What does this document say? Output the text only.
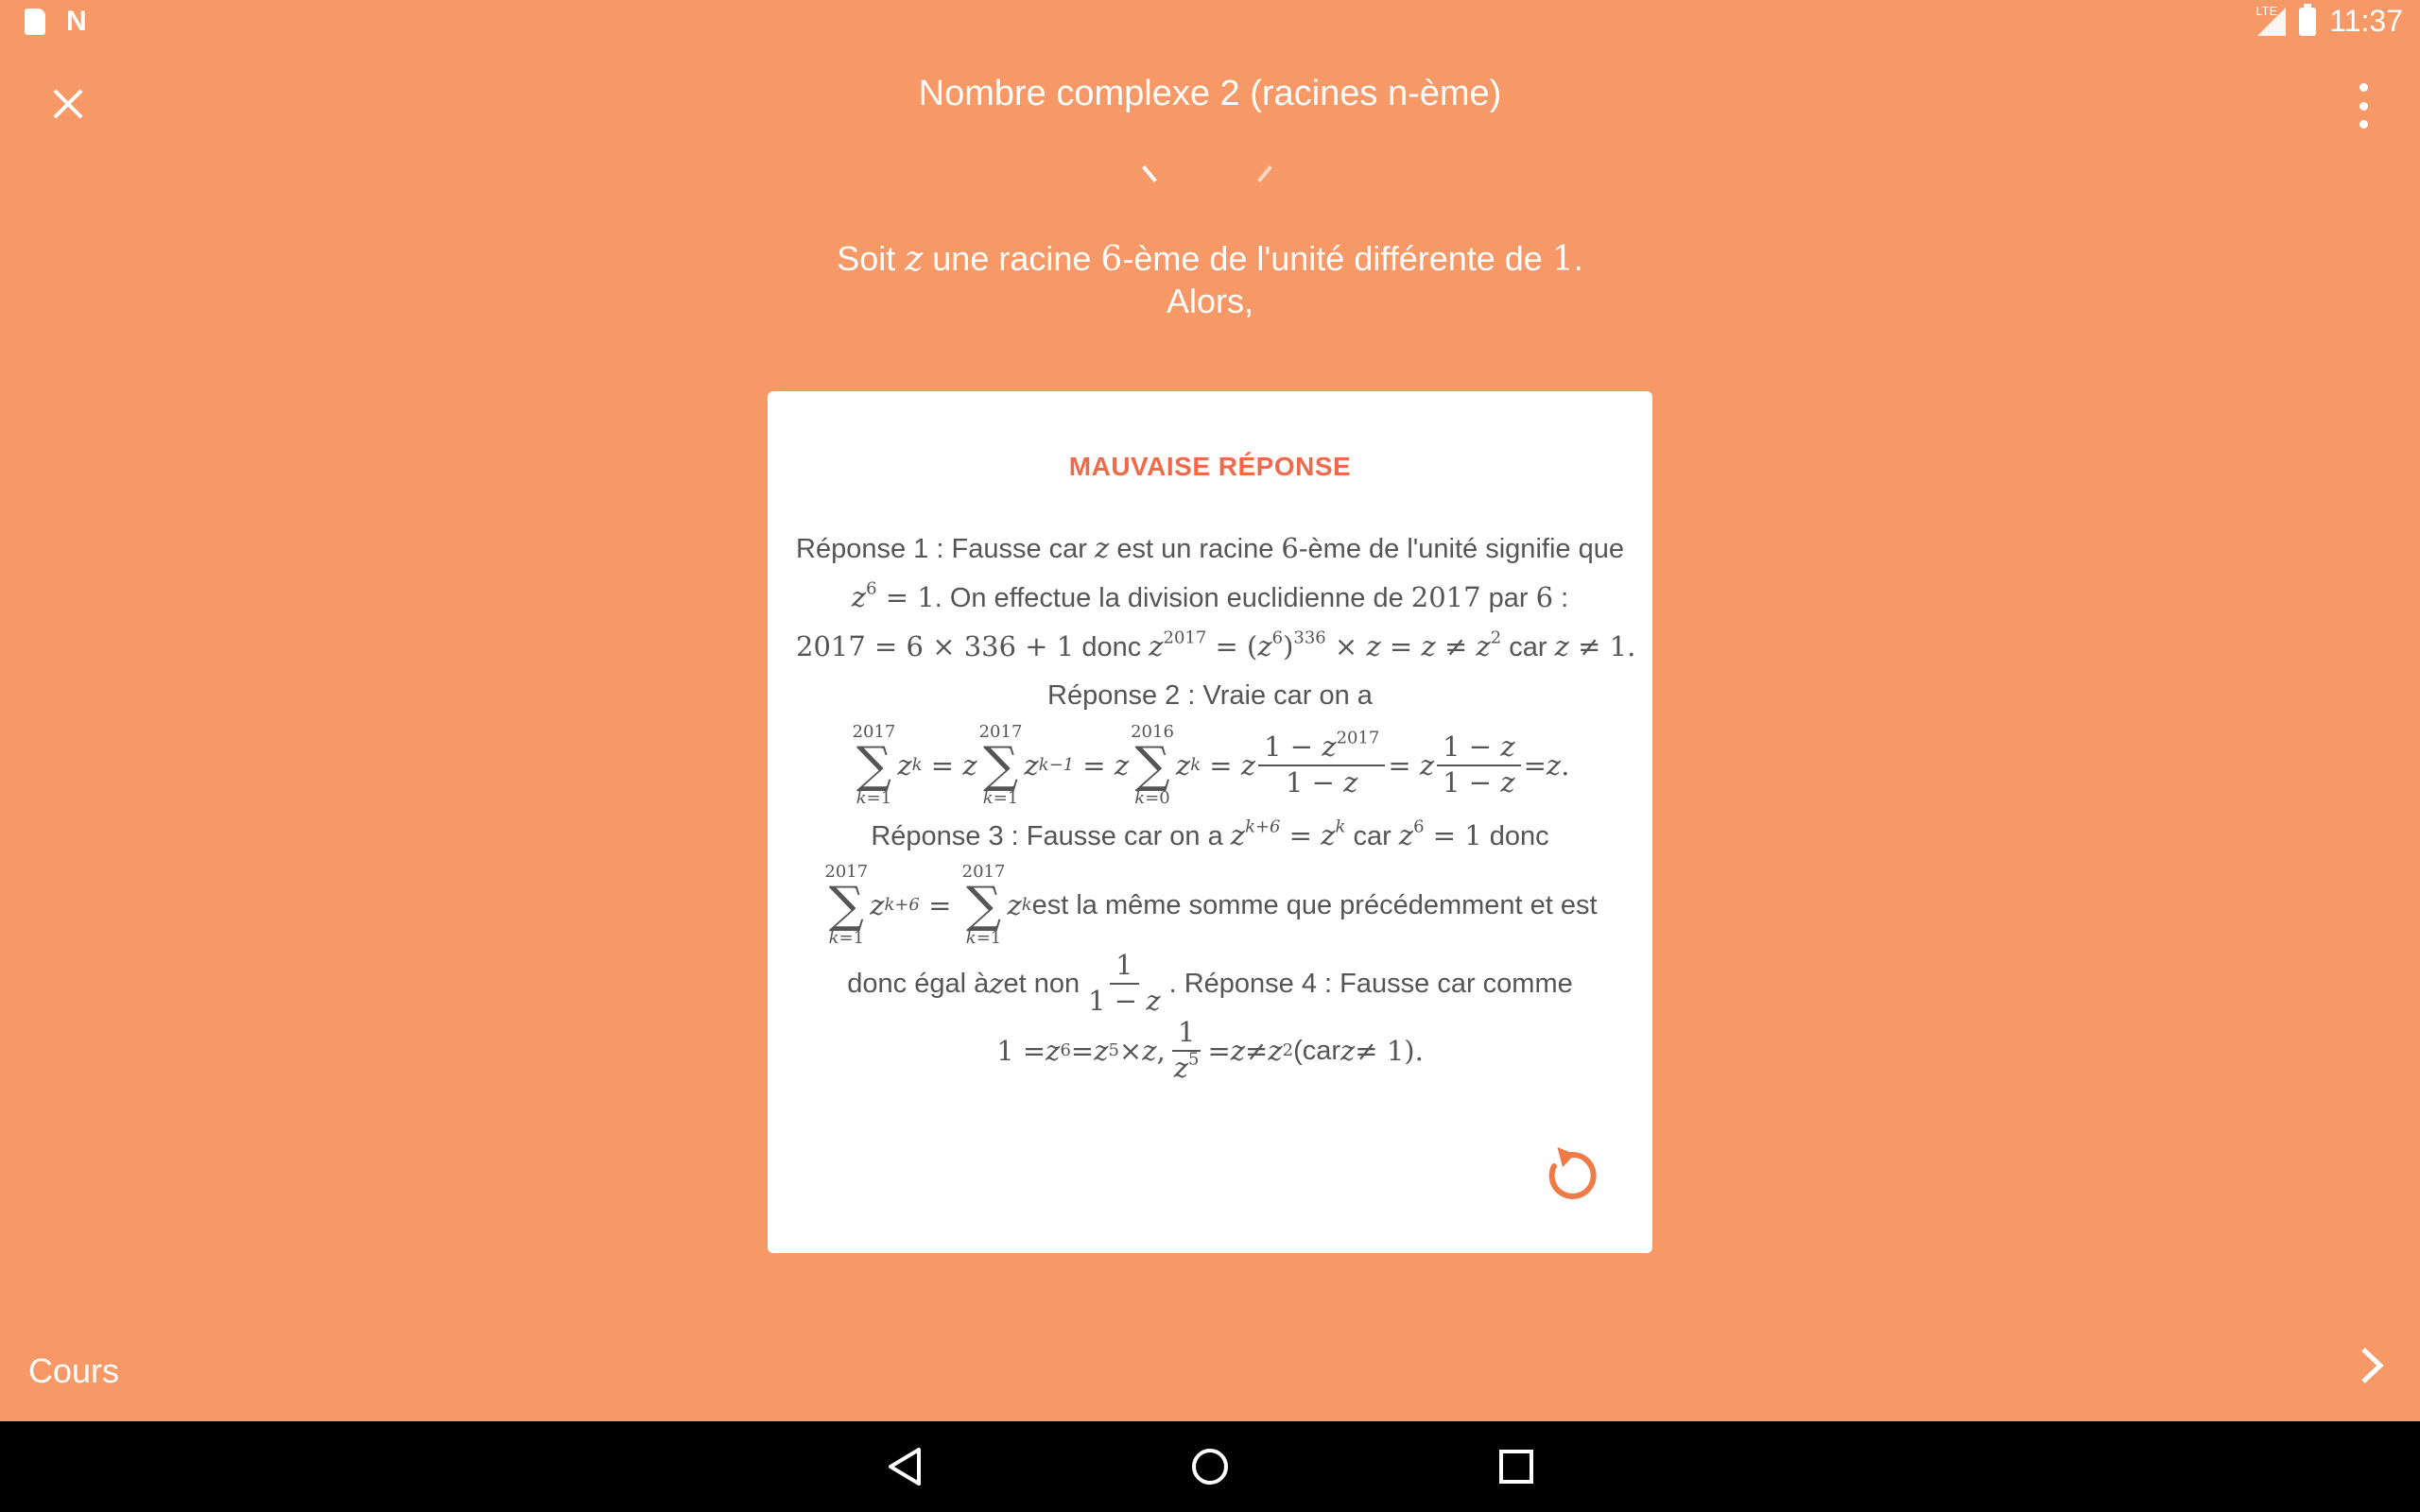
N	LTE 11:37
Nombre complexe 2 (racines n-ème)
Soit z une racine 6-ème de l'unité différente de 1.
Alors,
MAUVAISE RÉPONSE
Réponse 1 : Fausse car z est un racine 6-ème de l'unité signifie que
$z^6 = 1$. On effectue la division euclidienne de 2017 par 6 :
2017 = 6 × 336 + 1 donc $z^{2017} = (z^6)^{336} \times z = z \ne z^2$ car z ≠ 1.
Réponse 2 : Vraie car on a
2017
∑
k=1
z k = z
2017
∑
k=1
z k−1 = z
2016
∑
k=0
z k = z $\frac{1 - z^{2017}}{1 - z} = z \frac{1 - z}{1 - z} = z$ .
Réponse 3 : Fausse car on a $z^{k+6} = z^k$ car $z^6 = 1$ donc
2017
∑
k=1
z k+6 =
2017
∑
k=1
z k est la même somme que précédemment et est
donc égal à z et non $\frac{1}{1 - z}$ . Réponse 4 : Fausse car comme
1 = z 6 = z 5 × z , $\frac{1}{z^5} = z \ne z$ 2 (car z ≠ 1).
Cours
